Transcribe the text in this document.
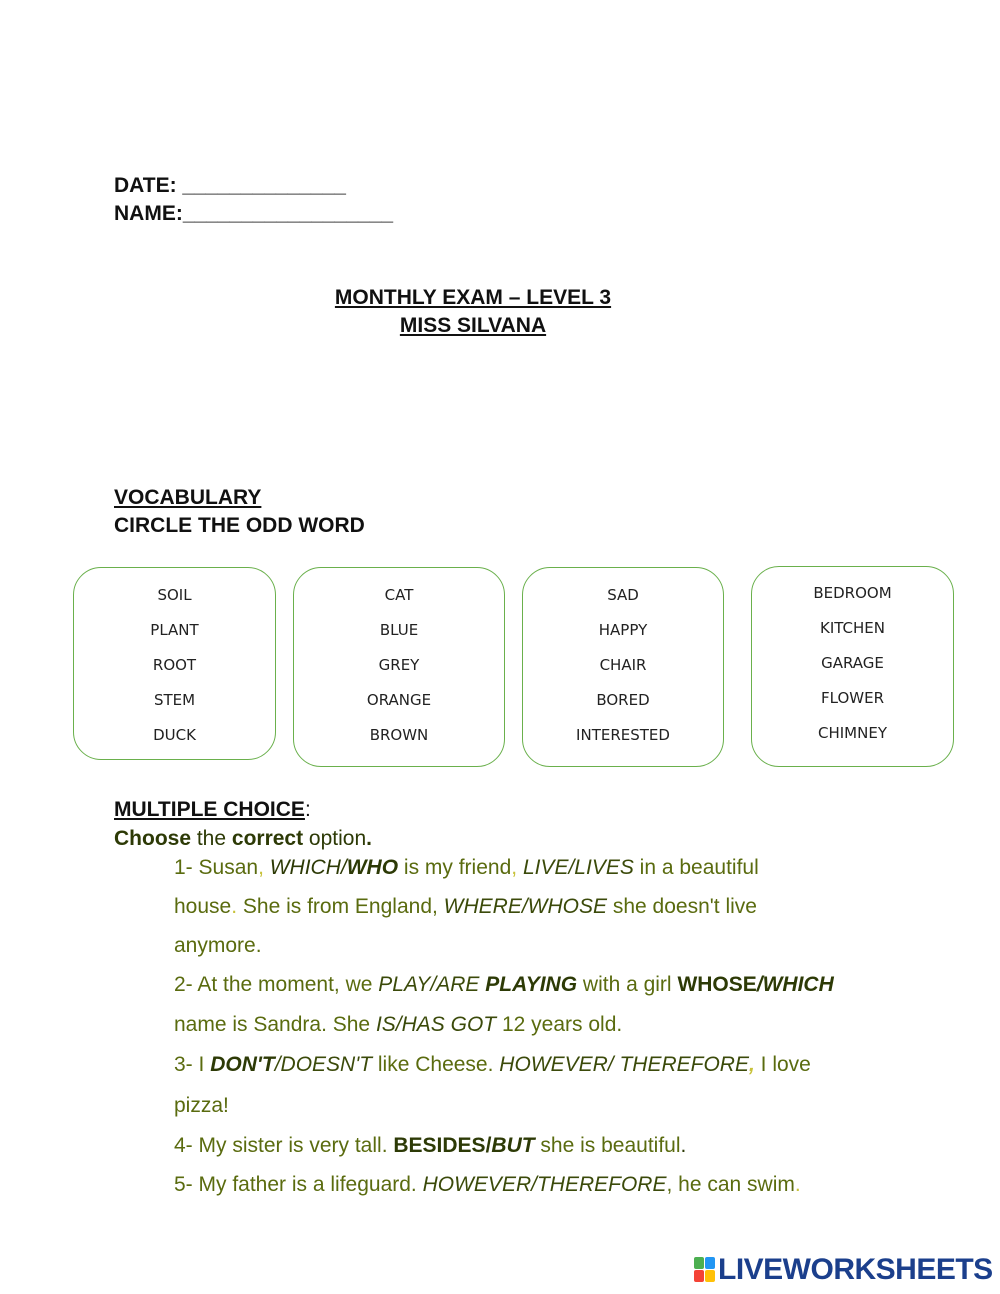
DATE: ______________
NAME:__________________
MONTHLY EXAM – LEVEL 3
MISS SILVANA
VOCABULARY
CIRCLE THE ODD WORD
SOIL
PLANT
ROOT
STEM
DUCK
CAT
BLUE
GREY
ORANGE
BROWN
SAD
HAPPY
CHAIR
BORED
INTERESTED
BEDROOM
KITCHEN
GARAGE
FLOWER
CHIMNEY
MULTIPLE CHOICE:
Choose the correct option.
1- Susan, WHICH/WHO is my friend, LIVE/LIVES in a beautiful
house. She is from England, WHERE/WHOSE she doesn't live
anymore.
2- At the moment, we PLAY/ARE PLAYING with a girl WHOSE/WHICH
name is Sandra. She IS/HAS GOT 12 years old.
3- I DON'T/DOESN'T like Cheese. HOWEVER/ THEREFORE, I love
pizza!
4- My sister is very tall. BESIDES/BUT she is beautiful.
5- My father is a lifeguard. HOWEVER/THEREFORE, he can swim.
LIVEWORKSHEETS
